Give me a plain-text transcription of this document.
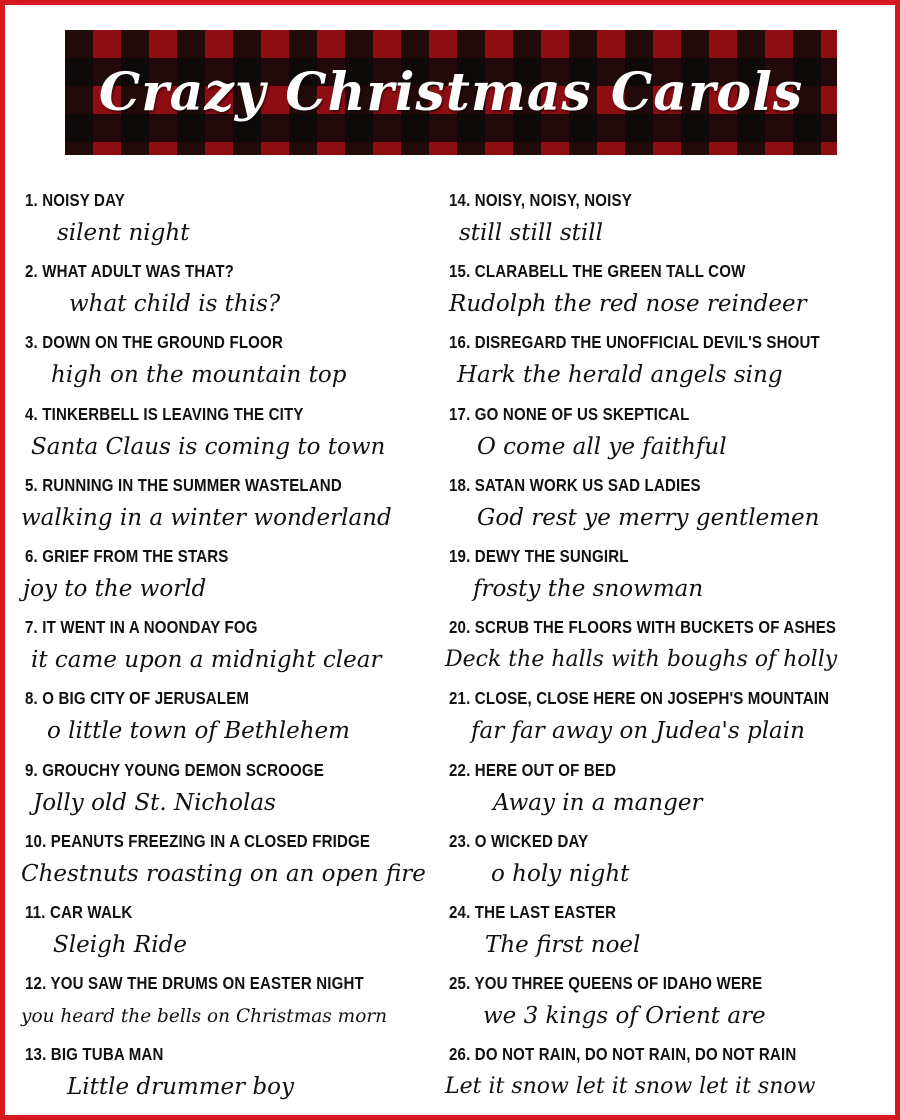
Crazy Christmas Carols
1. NOISY DAY
silent night
2. WHAT ADULT WAS THAT?
what child is this?
3. DOWN ON THE GROUND FLOOR
high on the mountain top
4. TINKERBELL IS LEAVING THE CITY
Santa Claus is coming to town
5. RUNNING IN THE SUMMER WASTELAND
walking in a winter wonderland
6. GRIEF FROM THE STARS
joy to the world
7. IT WENT IN A NOONDAY FOG
it came upon a midnight clear
8. O BIG CITY OF JERUSALEM
o little town of Bethlehem
9. GROUCHY YOUNG DEMON SCROOGE
Jolly old St. Nicholas
10. PEANUTS FREEZING IN A CLOSED FRIDGE
Chestnuts roasting on an open fire
11. CAR WALK
Sleigh Ride
12. YOU SAW THE DRUMS ON EASTER NIGHT
you heard the bells on Christmas morn
13. BIG TUBA MAN
Little drummer boy
14. NOISY, NOISY, NOISY
still still still
15. CLARABELL THE GREEN TALL COW
Rudolph the red nose reindeer
16. DISREGARD THE UNOFFICIAL DEVIL'S SHOUT
Hark the herald angels sing
17. GO NONE OF US SKEPTICAL
O come all ye faithful
18. SATAN WORK US SAD LADIES
God rest ye merry gentlemen
19. DEWY THE SUNGIRL
frosty the snowman
20. SCRUB THE FLOORS WITH BUCKETS OF ASHES
Deck the halls with boughs of holly
21. CLOSE, CLOSE HERE ON JOSEPH'S MOUNTAIN
far far away on Judea's plain
22. HERE OUT OF BED
Away in a manger
23. O WICKED DAY
o holy night
24. THE LAST EASTER
The first noel
25. YOU THREE QUEENS OF IDAHO WERE
we 3 kings of Orient are
26. DO NOT RAIN, DO NOT RAIN, DO NOT RAIN
Let it snow let it snow let it snow
